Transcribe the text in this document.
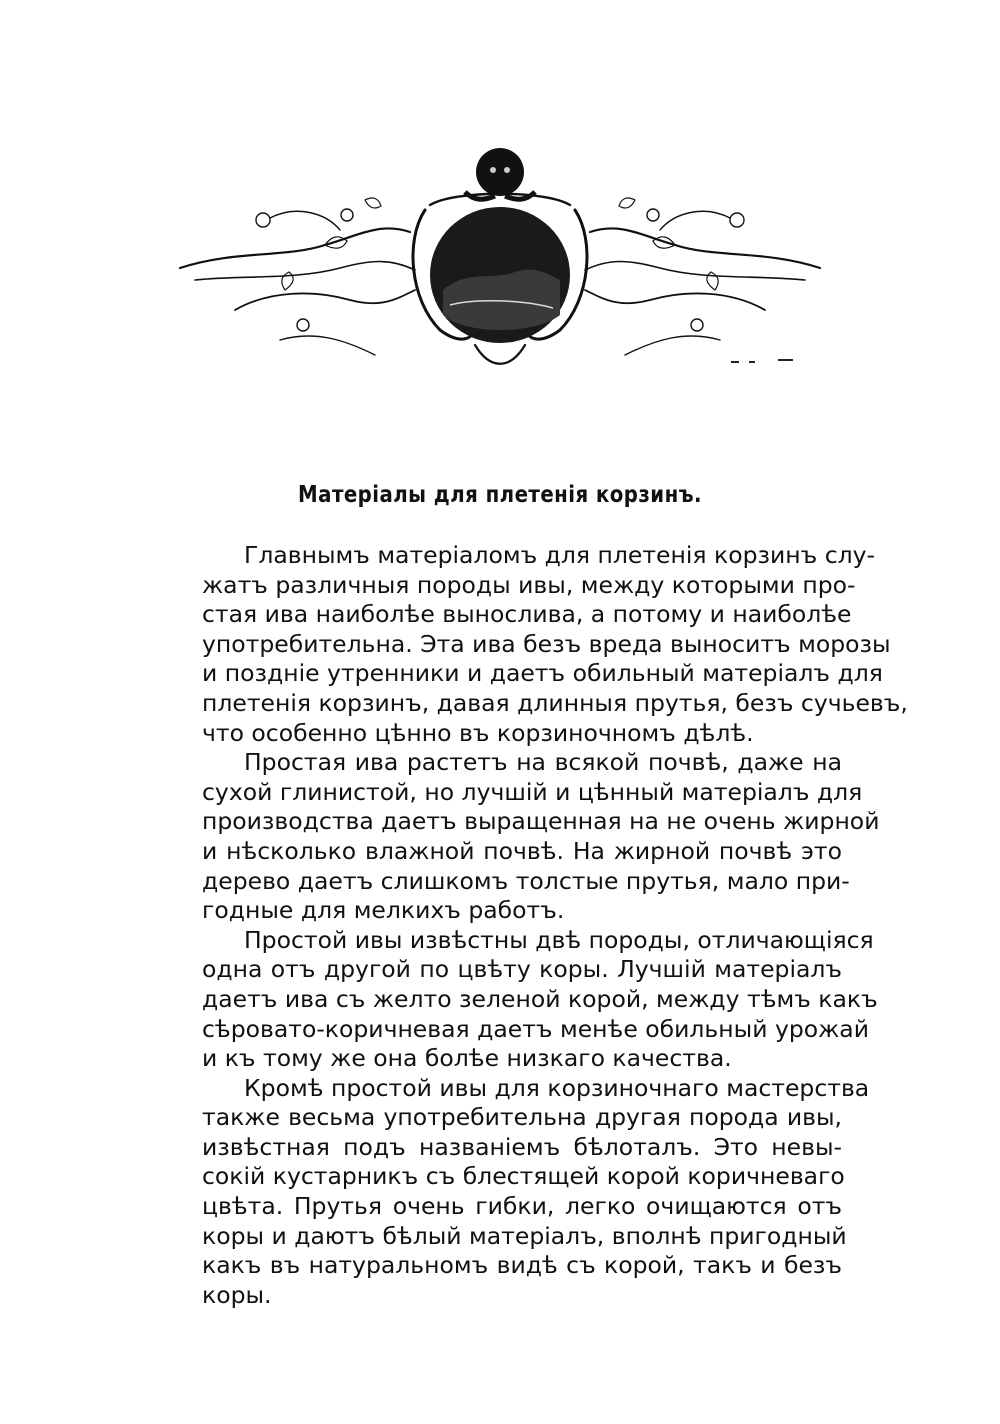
Матеріалы для плетенія корзинъ.

Главнымъ матеріаломъ для плетенія корзинъ слу-
жатъ различныя породы ивы, между которыми про-
стая ива наиболѣе вынослива, а потому и наиболѣе
употребительна. Эта ива безъ вреда выноситъ морозы
и поздніе утренники и даетъ обильный матеріалъ для
плетенія корзинъ, давая длинныя прутья, безъ сучьевъ,
что особенно цѣнно въ корзиночномъ дѣлѣ.

Простая ива растетъ на всякой почвѣ, даже на
сухой глинистой, но лучшій и цѣнный матеріалъ для
производства даетъ выращенная на не очень жирной
и нѣсколько влажной почвѣ. На жирной почвѣ это
дерево даетъ слишкомъ толстые прутья, мало при-
годные для мелкихъ работъ.

Простой ивы извѣстны двѣ породы, отличающіяся
одна отъ другой по цвѣту коры. Лучшій матеріалъ
даетъ ива съ желто зеленой корой, между тѣмъ какъ
сѣровато-коричневая даетъ менѣе обильный урожай
и къ тому же она болѣе низкаго качества.

Кромѣ простой ивы для корзиночнаго мастерства
также весьма употребительна другая порода ивы,
извѣстная подъ названіемъ бѣлоталъ. Это невы-
сокій кустарникъ съ блестящей корой коричневаго
цвѣта. Прутья очень гибки, легко очищаются отъ
коры и даютъ бѣлый матеріалъ, вполнѣ пригодный
какъ въ натуральномъ видѣ съ корой, такъ и безъ
коры.
